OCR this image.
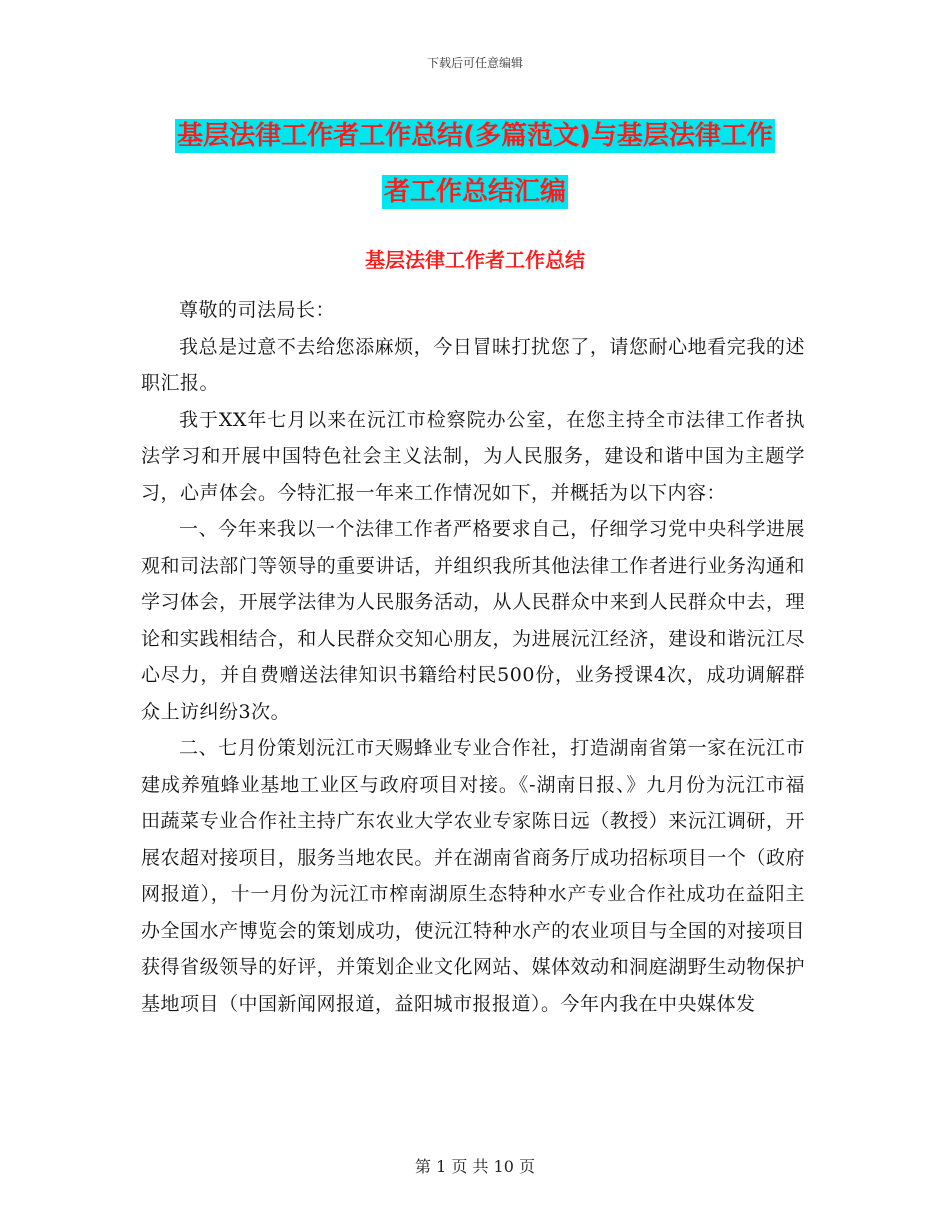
下载后可任意编辑
基层法律工作者工作总结(多篇范文)与基层法律工作
者工作总结汇编
基层法律工作者工作总结

尊敬的司法局长：

我总是过意不去给您添麻烦，今日冒昧打扰您了，请您耐心地看完我的述职汇报。

我于XX年七月以来在沅江市检察院办公室，在您主持全市法律工作者执法学习和开展中国特色社会主义法制，为人民服务，建设和谐中国为主题学习，心声体会。今特汇报一年来工作情况如下，并概括为以下内容：

一、今年来我以一个法律工作者严格要求自己，仔细学习党中央科学进展观和司法部门等领导的重要讲话，并组织我所其他法律工作者进行业务沟通和学习体会，开展学法律为人民服务活动，从人民群众中来到人民群众中去，理论和实践相结合，和人民群众交知心朋友，为进展沅江经济，建设和谐沅江尽心尽力，并自费赠送法律知识书籍给村民500份，业务授课4次，成功调解群众上访纠纷3次。

二、七月份策划沅江市天赐蜂业专业合作社，打造湖南省第一家在沅江市建成养殖蜂业基地工业区与政府项目对接。《-湖南日报、》九月份为沅江市福田蔬菜专业合作社主持广东农业大学农业专家陈日远（教授）来沅江调研，开展农超对接项目，服务当地农民。并在湖南省商务厅成功招标项目一个（政府网报道），十一月份为沅江市榨南湖原生态特种水产专业合作社成功在益阳主办全国水产博览会的策划成功，使沅江特种水产的农业项目与全国的对接项目获得省级领导的好评，并策划企业文化网站、媒体效动和洞庭湖野生动物保护基地项目（中国新闻网报道，益阳城市报报道）。今年内我在中央媒体发

第 1 页 共 10 页
